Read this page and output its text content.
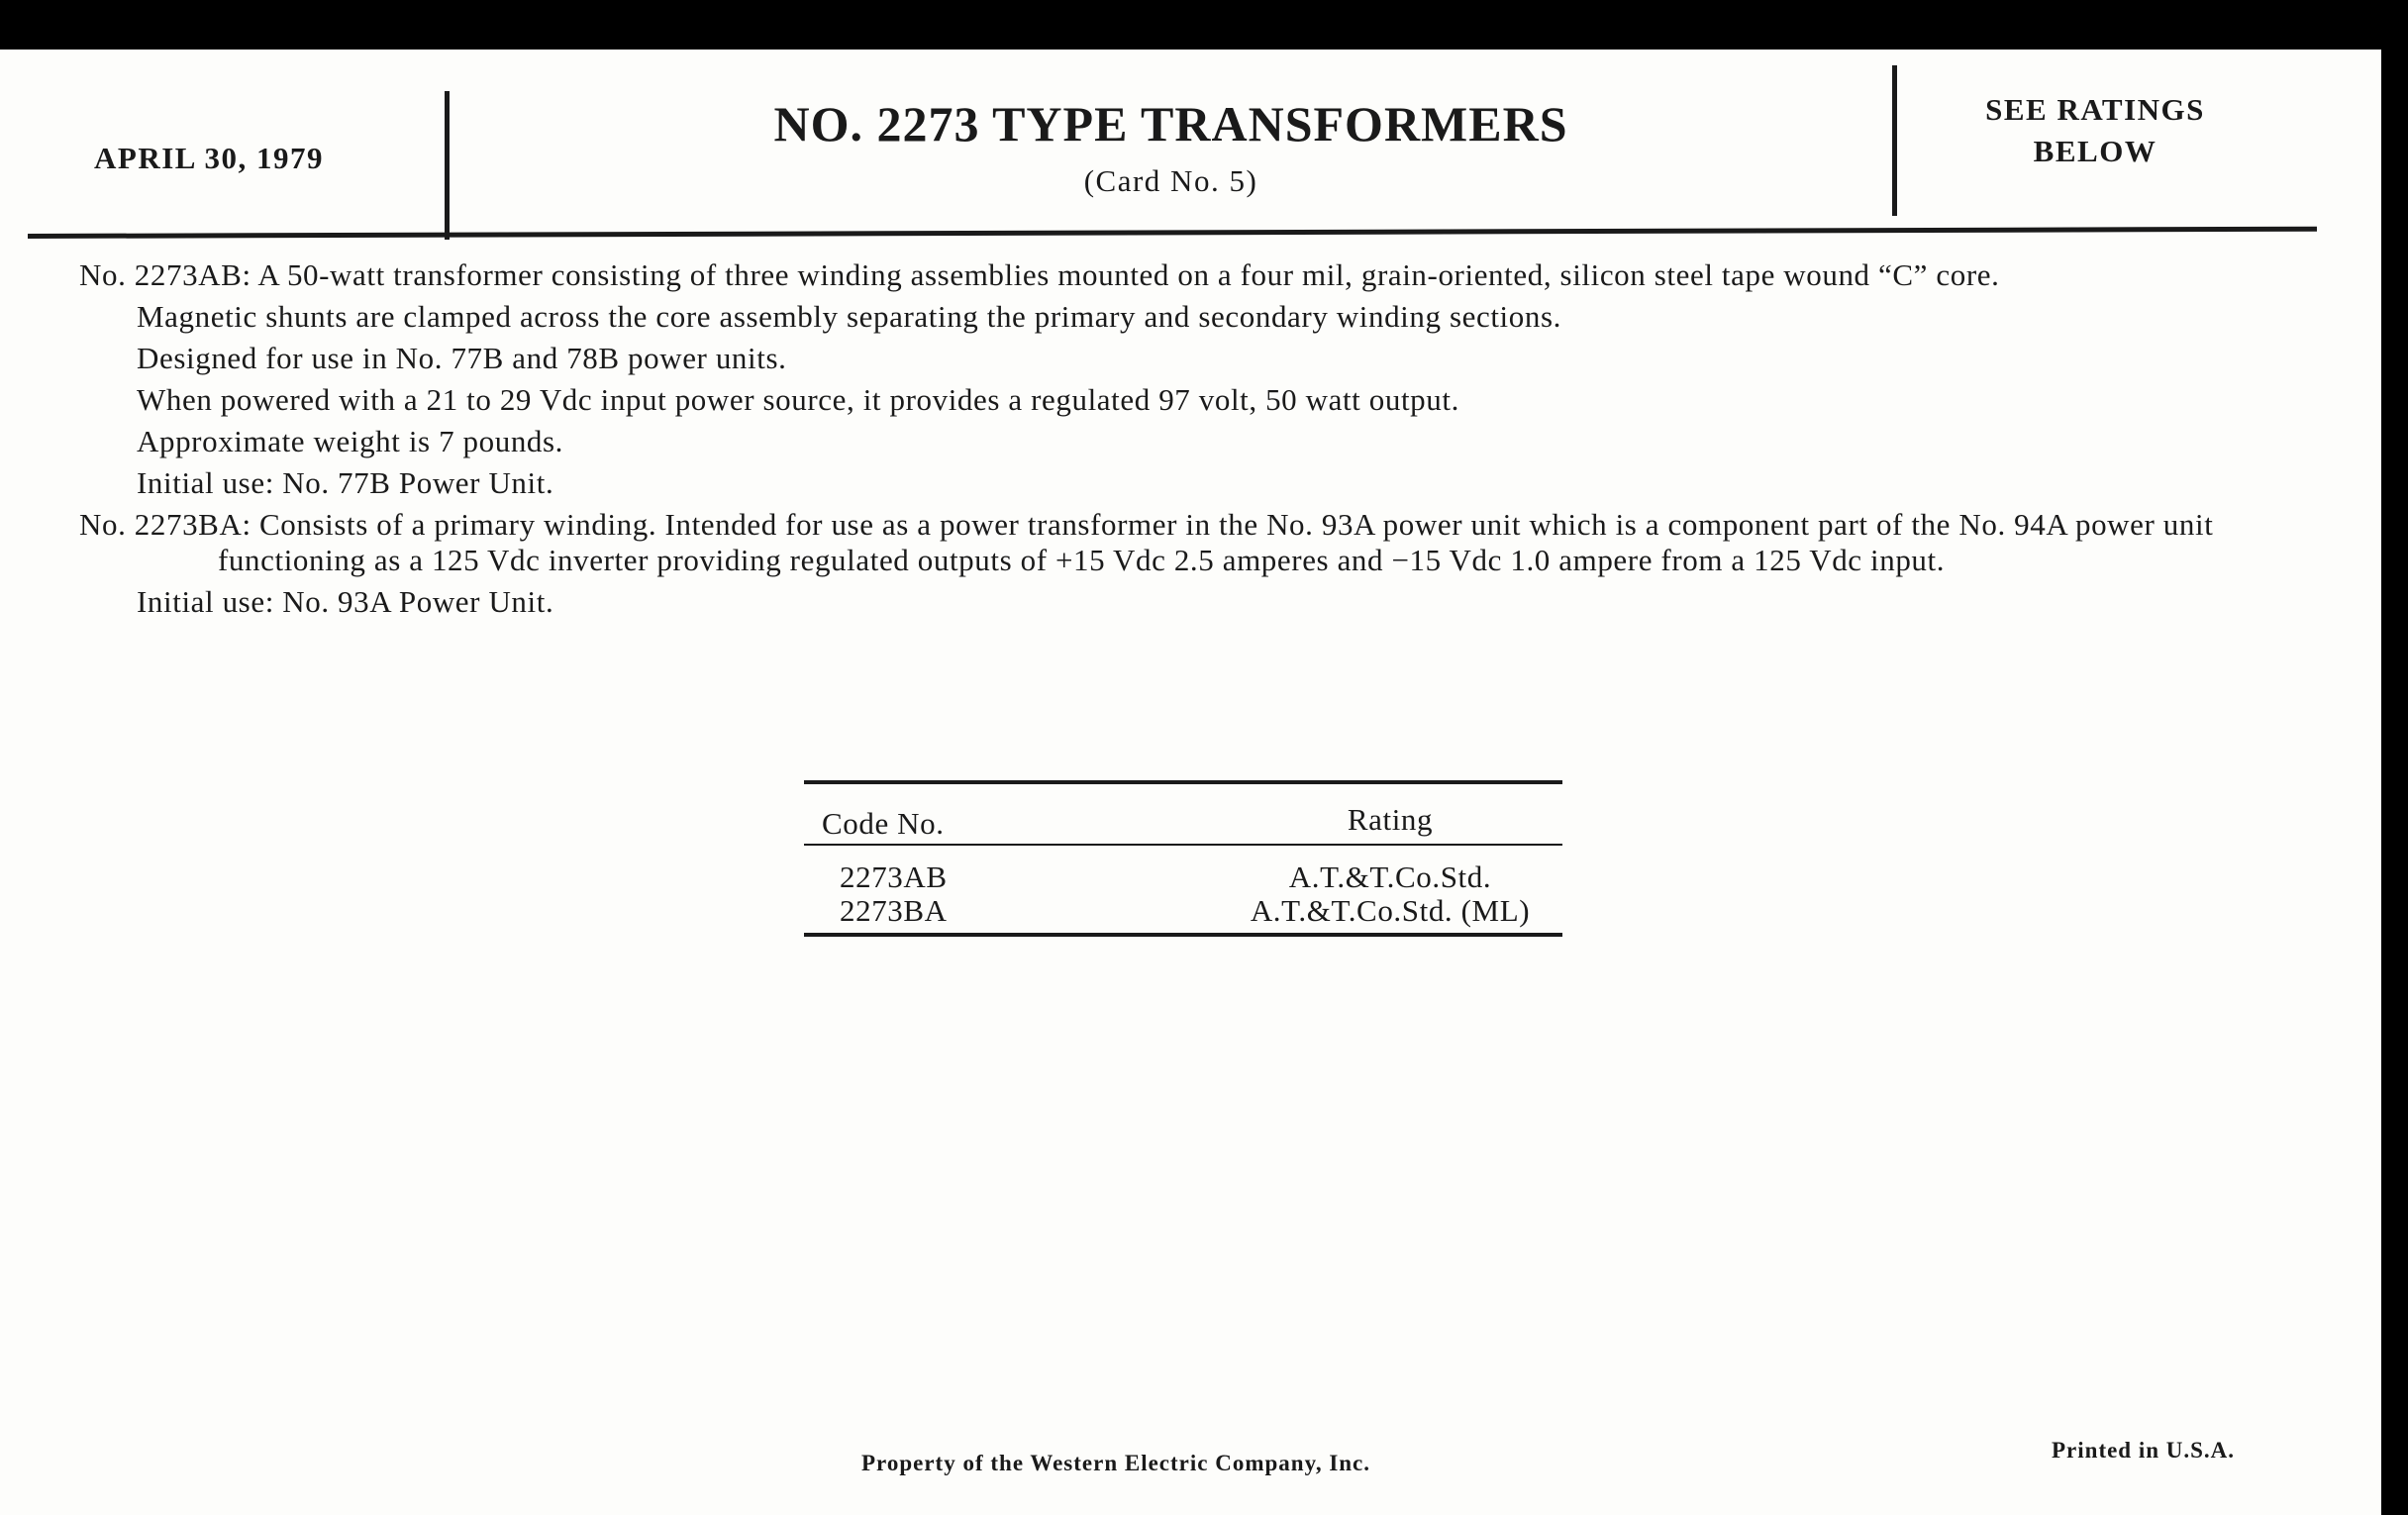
APRIL 30, 1979
NO. 2273 TYPE TRANSFORMERS
(Card No. 5)
SEE RATINGS
BELOW
No. 2273AB: A 50-watt transformer consisting of three winding assemblies mounted on a four mil, grain-oriented, silicon steel tape wound “C” core.
Magnetic shunts are clamped across the core assembly separating the primary and secondary winding sections.
Designed for use in No. 77B and 78B power units.
When powered with a 21 to 29 Vdc input power source, it provides a regulated 97 volt, 50 watt output.
Approximate weight is 7 pounds.
Initial use: No. 77B Power Unit.
No. 2273BA: Consists of a primary winding. Intended for use as a power transformer in the No. 93A power unit which is a component part of the No. 94A power unit functioning as a 125 Vdc inverter providing regulated outputs of +15 Vdc 2.5 amperes and −15 Vdc 1.0 ampere from a 125 Vdc input.
Initial use: No. 93A Power Unit.
Code No.	Rating
2273AB	A.T.&T.Co.Std.
2273BA	A.T.&T.Co.Std. (ML)
Property of the Western Electric Company, Inc.
Printed in U.S.A.
